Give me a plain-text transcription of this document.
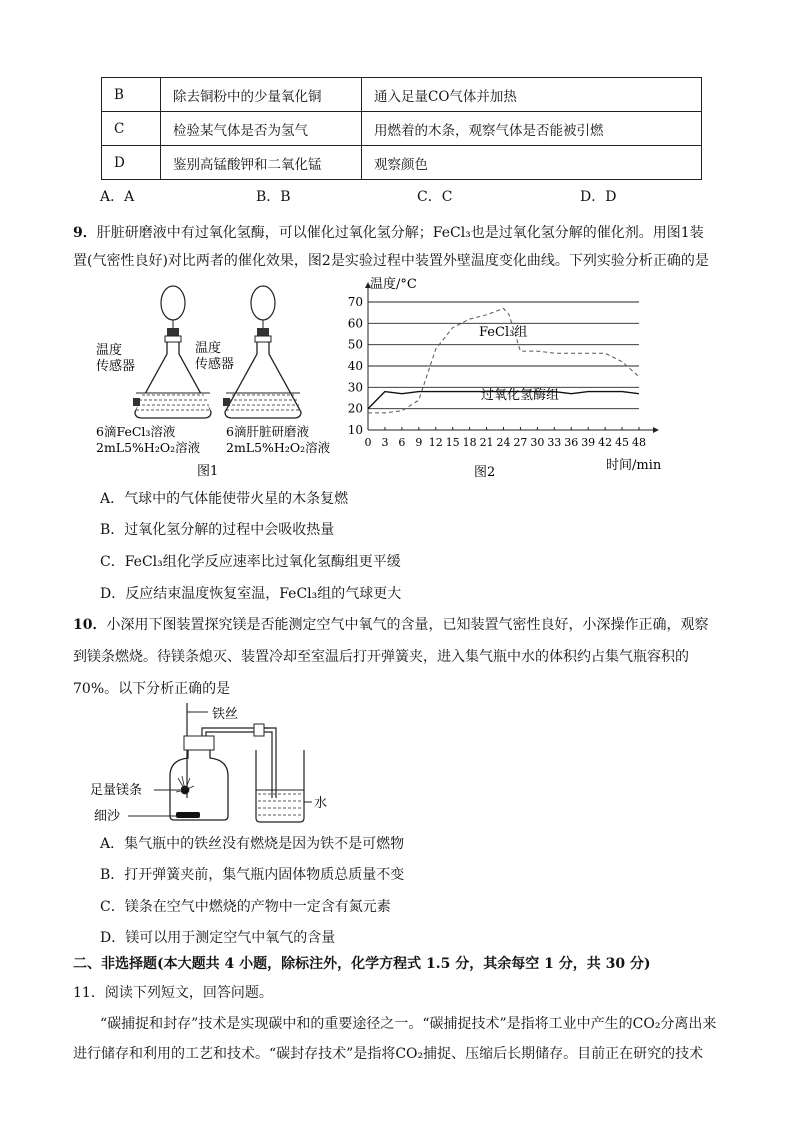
B	除去铜粉中的少量氧化铜	通入足量CO气体并加热
C	检验某气体是否为氢气	用燃着的木条，观察气体是否能被引燃
D	鉴别高锰酸钾和二氧化锰	观察颜色
A．A	B．B	C．C	D．D
9．肝脏研磨液中有过氧化氢酶，可以催化过氧化氢分解；FeCl₃也是过氧化氢分解的催化剂。用图1装
置(气密性良好)对比两者的催化效果，图2是实验过程中装置外壁温度变化曲线。下列实验分析正确的是
温度
传感器
温度
传感器
6滴FeCl₃溶液
2mL5%H₂O₂溶液
6滴肝脏研磨液
2mL5%H₂O₂溶液
图1
温度/°C
时间/min
图2
10
20
30
40
50
60
70
0 3 6 9 12 15 18 21 24 27 30 33 36 39 42 45 48
FeCl₃组
过氧化氢酶组
A．气球中的气体能使带火星的木条复燃
B．过氧化氢分解的过程中会吸收热量
C．FeCl₃组化学反应速率比过氧化氢酶组更平缓
D．反应结束温度恢复室温，FeCl₃组的气球更大
10．小深用下图装置探究镁是否能测定空气中氧气的含量，已知装置气密性良好，小深操作正确，观察
到镁条燃烧。待镁条熄灭、装置冷却至室温后打开弹簧夹，进入集气瓶中水的体积约占集气瓶容积的
70%。以下分析正确的是
铁丝
水
足量镁条
细沙
A．集气瓶中的铁丝没有燃烧是因为铁不是可燃物
B．打开弹簧夹前，集气瓶内固体物质总质量不变
C．镁条在空气中燃烧的产物中一定含有氮元素
D．镁可以用于测定空气中氧气的含量
二、非选择题(本大题共 4 小题，除标注外，化学方程式 1.5 分，其余每空 1 分，共 30 分)
11．阅读下列短文，回答问题。
“碳捕捉和封存”技术是实现碳中和的重要途径之一。“碳捕捉技术”是指将工业中产生的CO₂分离出来
进行储存和利用的工艺和技术。“碳封存技术”是指将CO₂捕捉、压缩后长期储存。目前正在研究的技术
